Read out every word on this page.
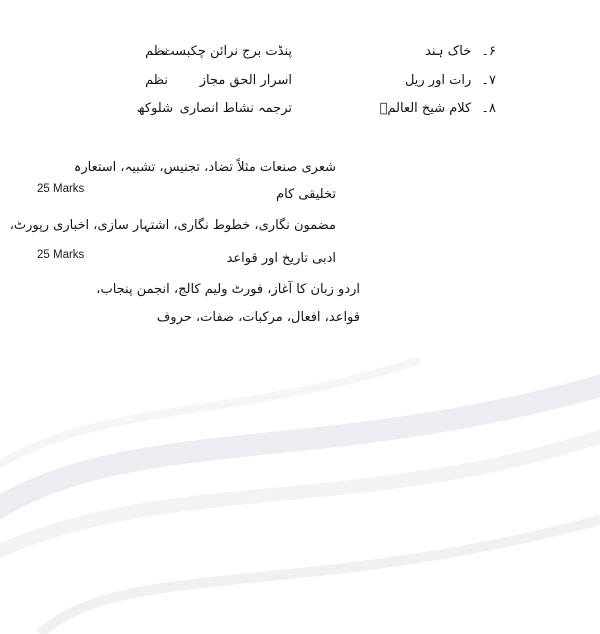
۶۔ خاک ہند
۷۔ رات اور ریل
۸۔ کلام شیخ العالمؒ
پنڈت برج نرائن چکبست
اسرار الحق مجاز
ترجمہ نشاط انصاری
نظم
نظم
شلوکھ
شعری صنعات مثلاً تضاد، تجنیس، تشبیہ، استعارہ
تخلیقی کام
25 Marks
مضمون نگاری، خطوط نگاری، اشتہار سازی، اخباری رپورٹ،
ادبی تاریخ اور قواعد
25 Marks
اردو زبان کا آغاز، فورٹ ولیم کالج، انجمن پنجاب،
قواعد، افعال، مرکبات، صفات، حروف
